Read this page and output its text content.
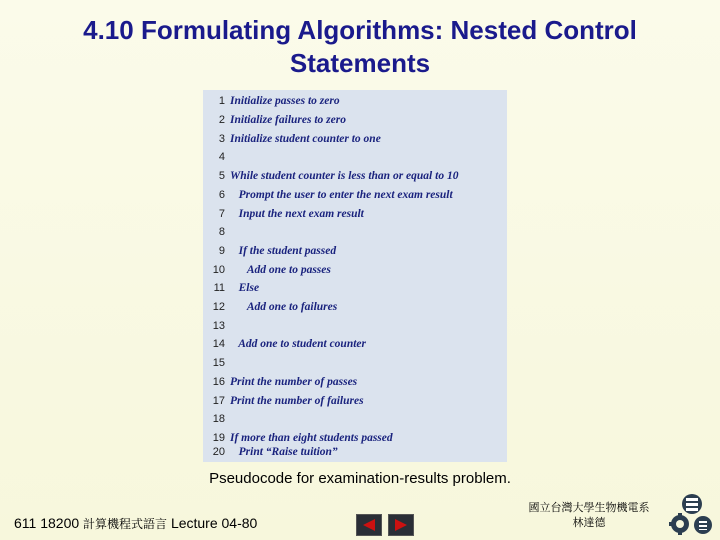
4.10 Formulating Algorithms: Nested Control
Statements
1 Initialize passes to zero
2 Initialize failures to zero
3 Initialize student counter to one
4
5 While student counter is less than or equal to 10
6 Prompt the user to enter the next exam result
7 Input the next exam result
8
9 If the student passed
10 Add one to passes
11 Else
12 Add one to failures
13
14 Add one to student counter
15
16 Print the number of passes
17 Print the number of failures
18
19 If more than eight students passed
20 Print “Raise tuition”
Pseudocode for examination-results problem.
611 18200 計算機程式語言 Lecture 04-80
國立台灣大學生物機電系
林達德
